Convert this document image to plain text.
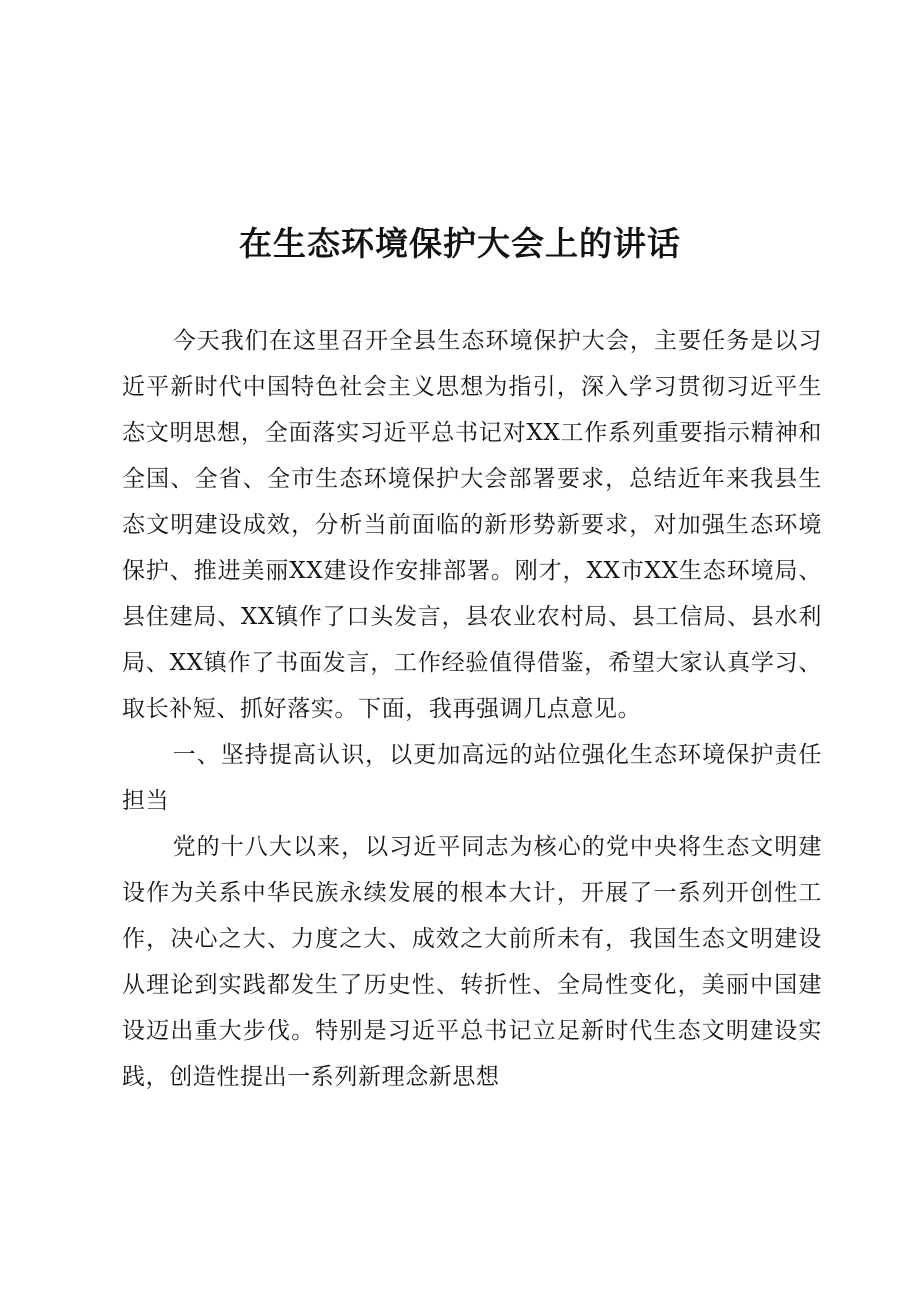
在生态环境保护大会上的讲话

今天我们在这里召开全县生态环境保护大会，主要任务是以习近平新时代中国特色社会主义思想为指引，深入学习贯彻习近平生态文明思想，全面落实习近平总书记对XX工作系列重要指示精神和全国、全省、全市生态环境保护大会部署要求，总结近年来我县生态文明建设成效，分析当前面临的新形势新要求，对加强生态环境保护、推进美丽XX建设作安排部署。刚才，XX市XX生态环境局、县住建局、XX镇作了口头发言，县农业农村局、县工信局、县水利局、XX镇作了书面发言，工作经验值得借鉴，希望大家认真学习、取长补短、抓好落实。下面，我再强调几点意见。

一、坚持提高认识，以更加高远的站位强化生态环境保护责任担当

党的十八大以来，以习近平同志为核心的党中央将生态文明建设作为关系中华民族永续发展的根本大计，开展了一系列开创性工作，决心之大、力度之大、成效之大前所未有，我国生态文明建设从理论到实践都发生了历史性、转折性、全局性变化，美丽中国建设迈出重大步伐。特别是习近平总书记立足新时代生态文明建设实践，创造性提出一系列新理念新思想
